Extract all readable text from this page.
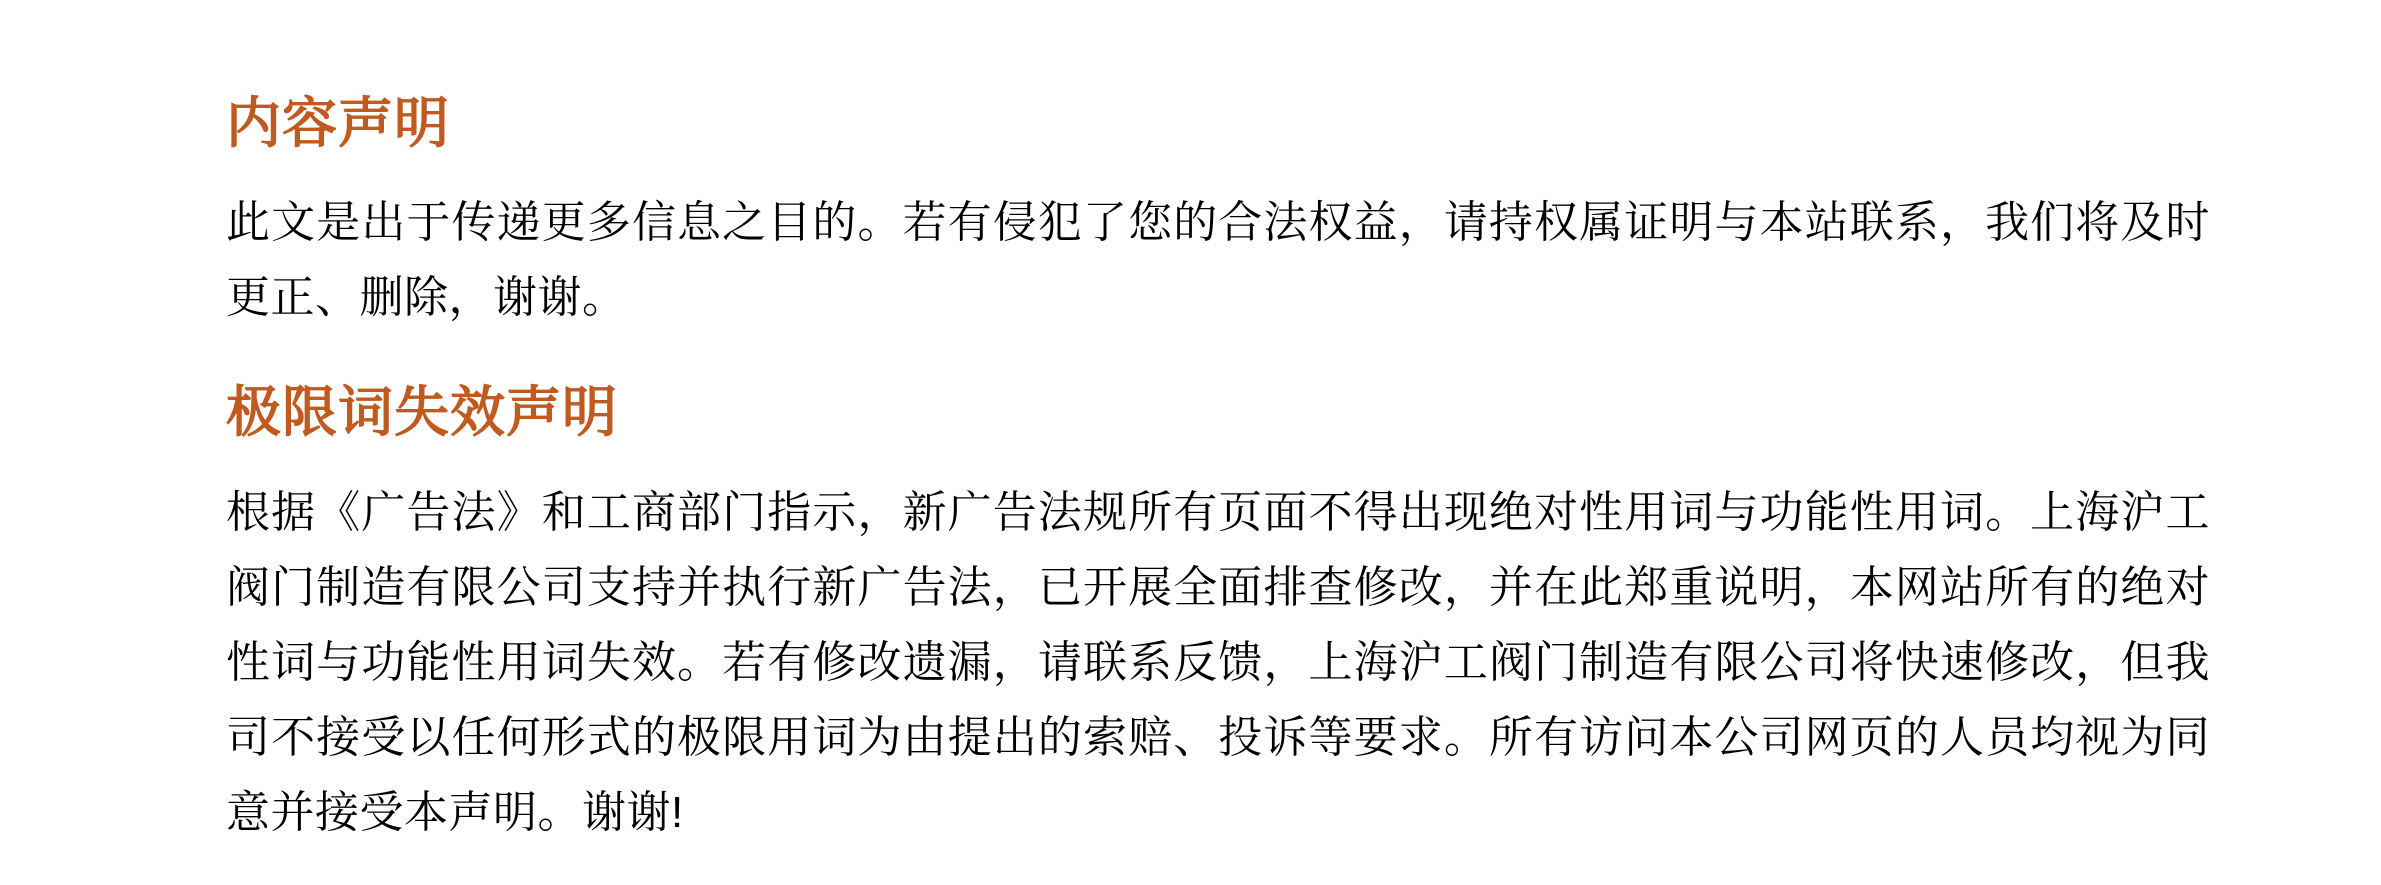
内容声明

此文是出于传递更多信息之目的。若有侵犯了您的合法权益，请持权属证明与本站联系，我们将及时更正、删除，谢谢。

极限词失效声明

根据《广告法》和工商部门指示，新广告法规所有页面不得出现绝对性用词与功能性用词。上海沪工阀门制造有限公司支持并执行新广告法，已开展全面排查修改，并在此郑重说明，本网站所有的绝对性词与功能性用词失效。若有修改遗漏，请联系反馈，上海沪工阀门制造有限公司将快速修改，但我司不接受以任何形式的极限用词为由提出的索赔、投诉等要求。所有访问本公司网页的人员均视为同意并接受本声明。谢谢!
